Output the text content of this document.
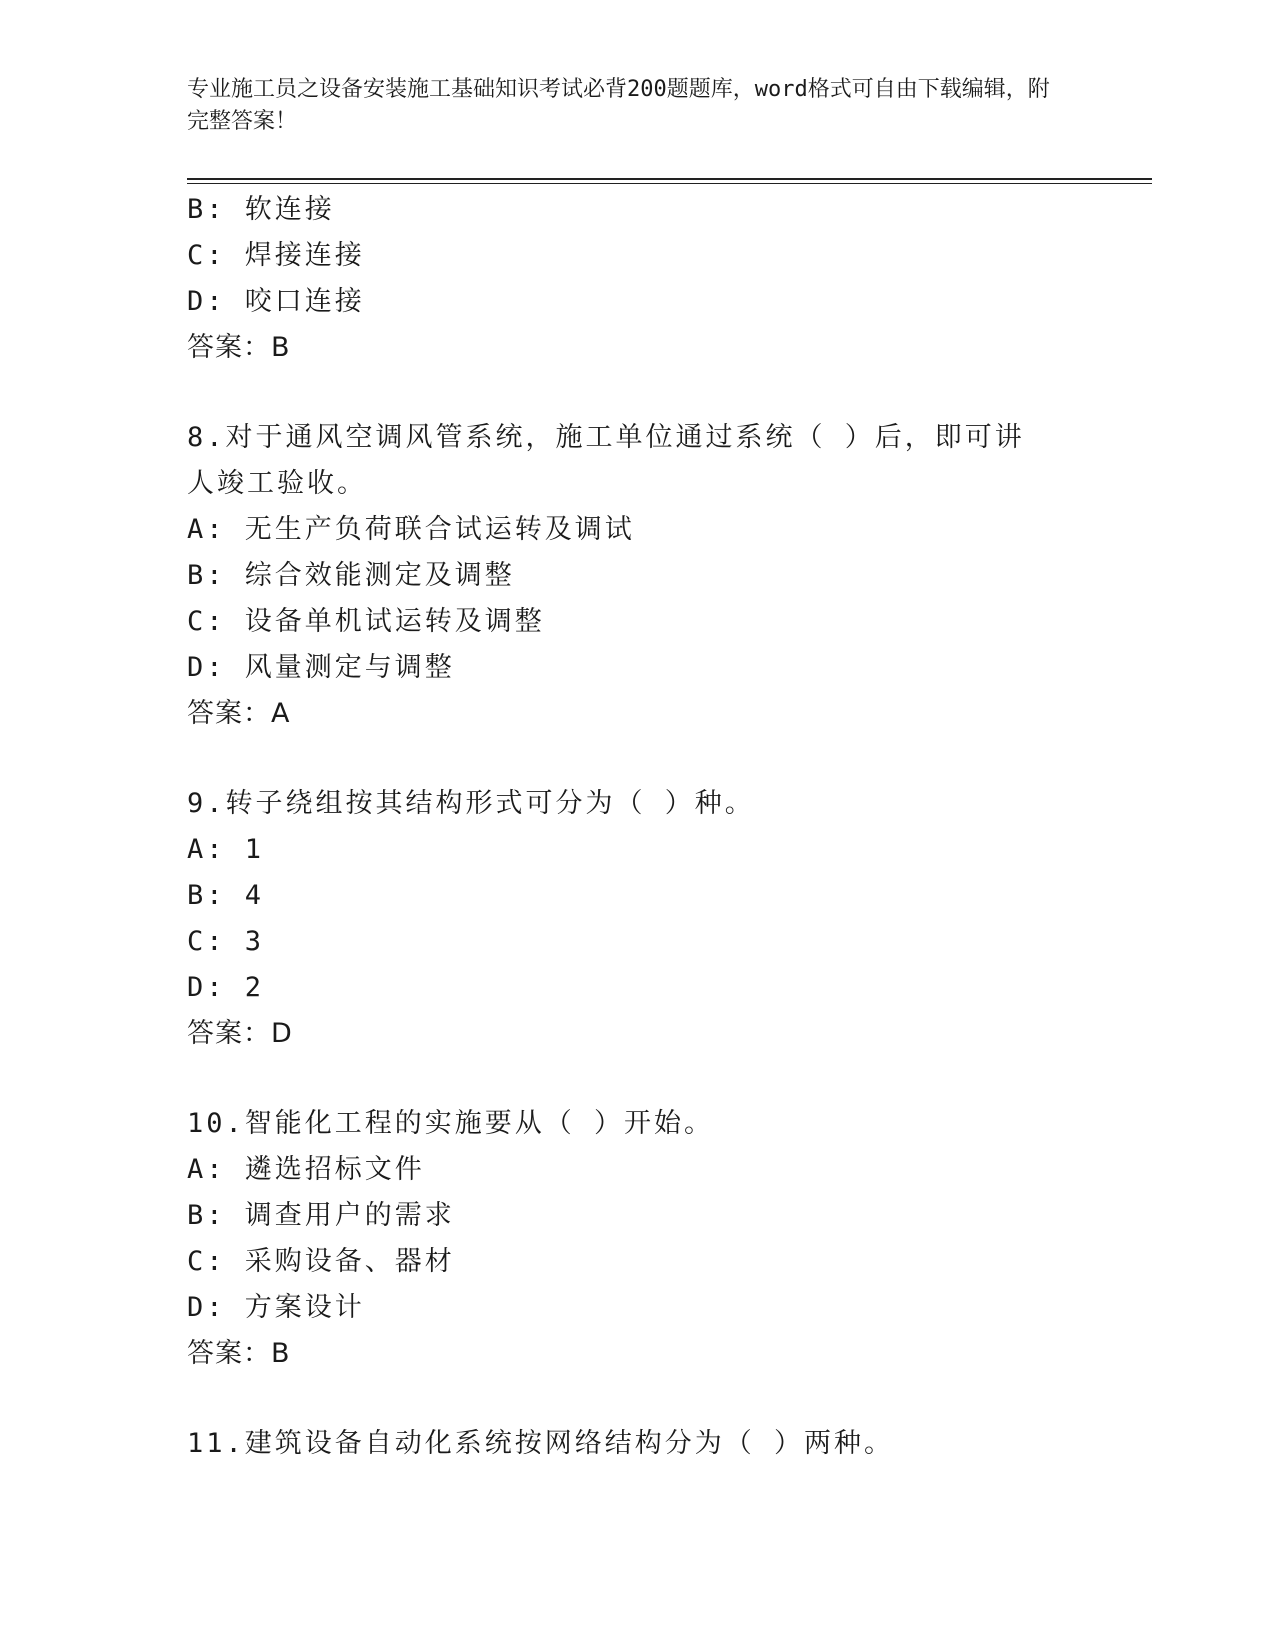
专业施工员之设备安装施工基础知识考试必背200题题库，word格式可自由下载编辑，附完整答案！
B: 软连接
C: 焊接连接
D: 咬口连接
答案：B
8.对于通风空调风管系统，施工单位通过系统（ ）后，即可讲人竣工验收。
A: 无生产负荷联合试运转及调试
B: 综合效能测定及调整
C: 设备单机试运转及调整
D: 风量测定与调整
答案：A
9.转子绕组按其结构形式可分为（ ）种。
A: 1
B: 4
C: 3
D: 2
答案：D
10.智能化工程的实施要从（ ）开始。
A: 遴选招标文件
B: 调查用户的需求
C: 采购设备、器材
D: 方案设计
答案：B
11.建筑设备自动化系统按网络结构分为（ ）两种。
